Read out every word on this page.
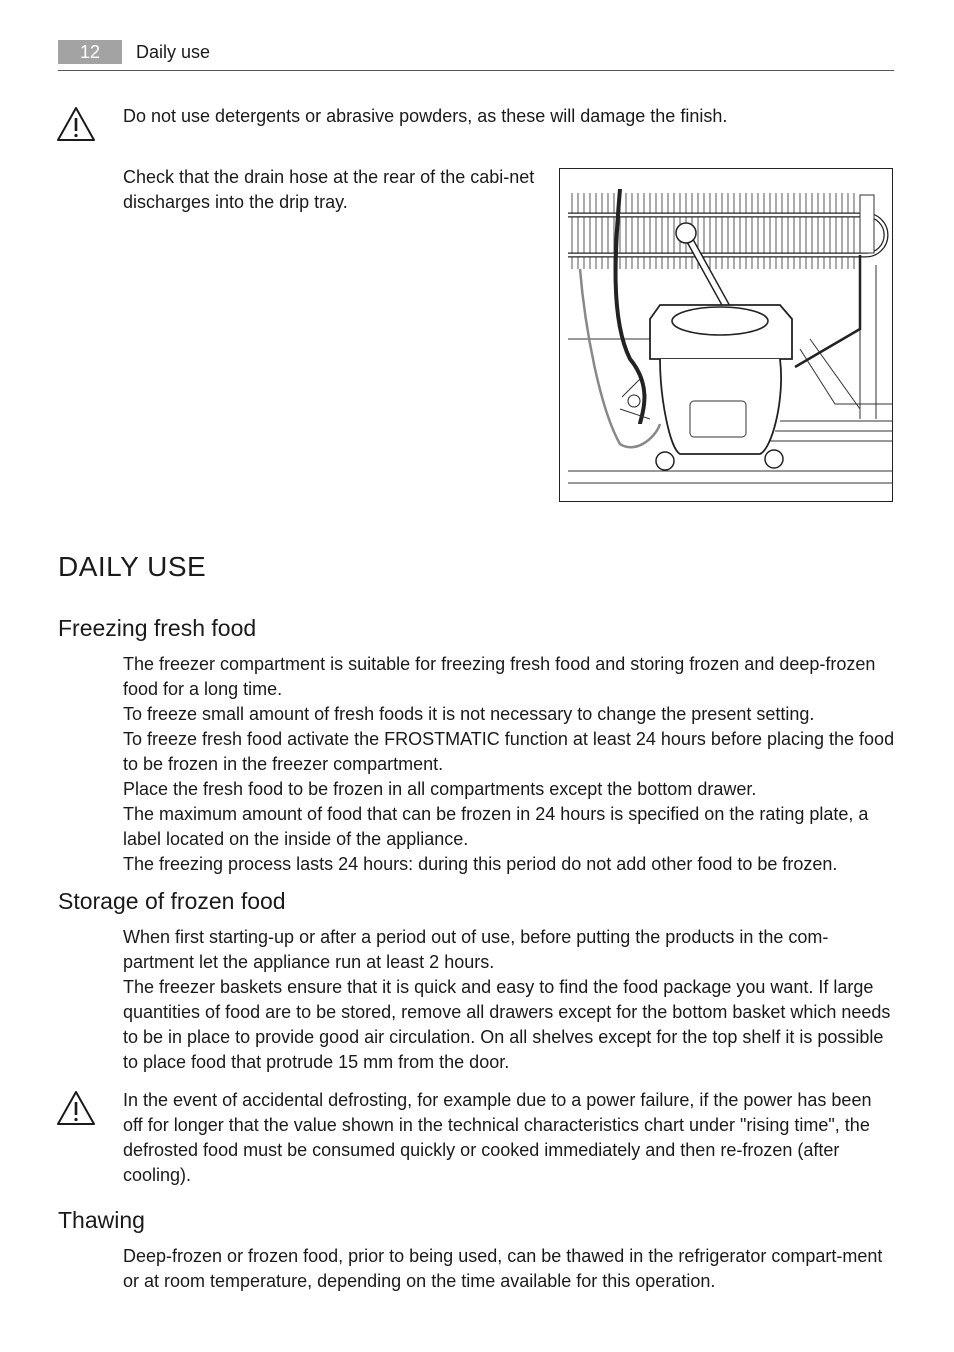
12	Daily use
Do not use detergents or abrasive powders, as these will damage the finish.
Check that the drain hose at the rear of the cabi-net discharges into the drip tray.
DAILY USE
Freezing fresh food

The freezer compartment is suitable for freezing fresh food and storing frozen and deep-frozen food for a long time.

To freeze small amount of fresh foods it is not necessary to change the present setting.

To freeze fresh food activate the FROSTMATIC function at least 24 hours before placing the food to be frozen in the freezer compartment.

Place the fresh food to be frozen in all compartments except the bottom drawer.

The maximum amount of food that can be frozen in 24 hours is specified on the rating plate, a label located on the inside of the appliance.

The freezing process lasts 24 hours: during this period do not add other food to be frozen.

Storage of frozen food

When first starting-up or after a period out of use, before putting the products in the com-partment let the appliance run at least 2 hours.

The freezer baskets ensure that it is quick and easy to find the food package you want. If large quantities of food are to be stored, remove all drawers except for the bottom basket which needs to be in place to provide good air circulation. On all shelves except for the top shelf it is possible to place food that protrude 15 mm from the door.

In the event of accidental defrosting, for example due to a power failure, if the power has been off for longer that the value shown in the technical characteristics chart under "rising time", the defrosted food must be consumed quickly or cooked immediately and then re-frozen (after cooling).
Thawing

Deep-frozen or frozen food, prior to being used, can be thawed in the refrigerator compart-ment or at room temperature, depending on the time available for this operation.
